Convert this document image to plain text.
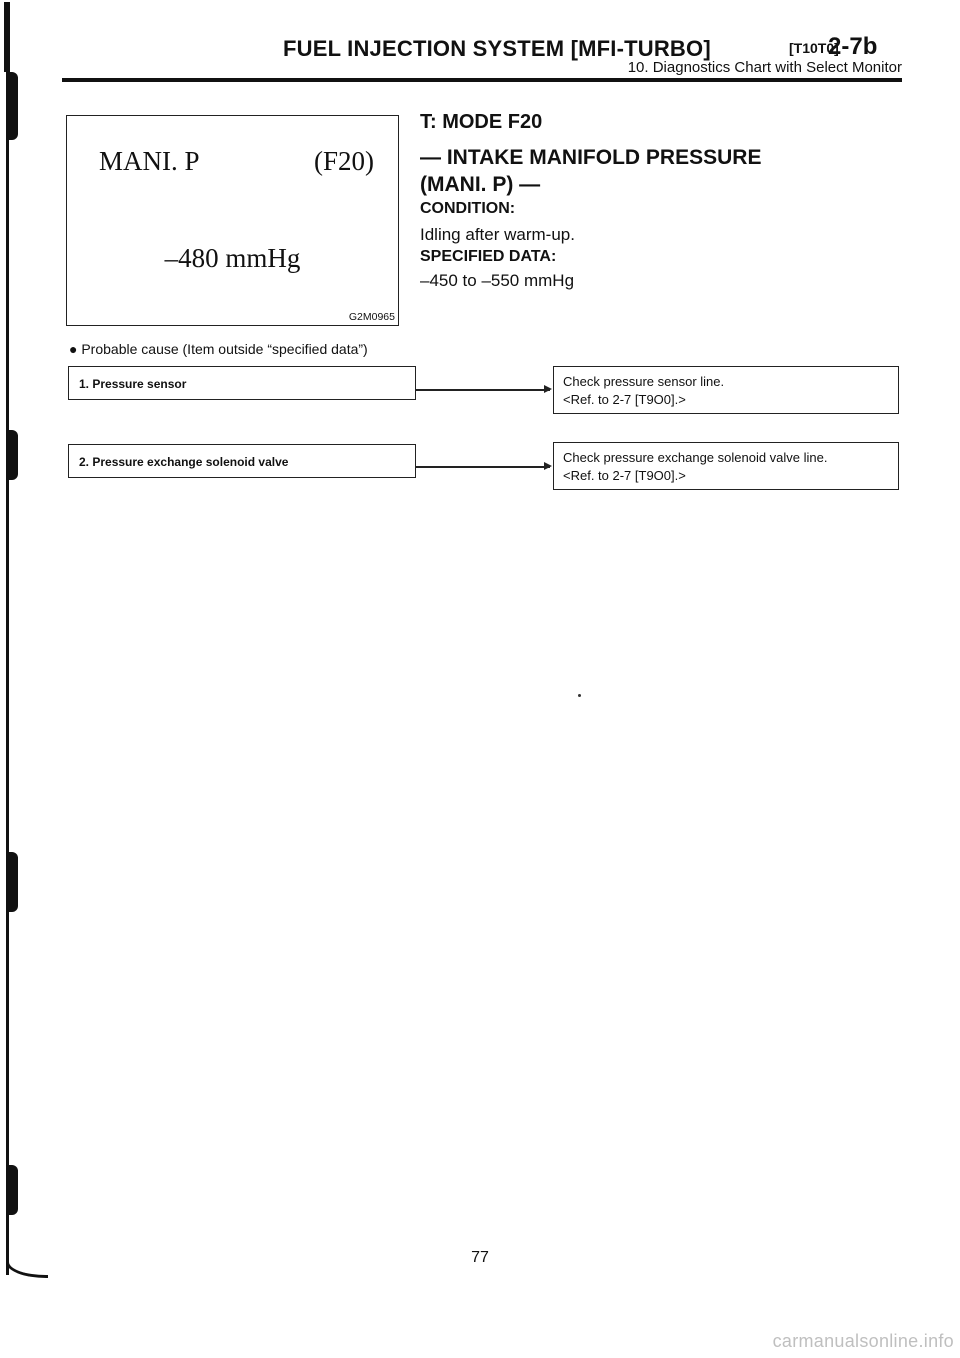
FUEL INJECTION SYSTEM [MFI-TURBO]	[T10T0]
2-7b
10. Diagnostics Chart with Select Monitor
MANI. P	(F20)
–480 mmHg
G2M0965
T: MODE F20
— INTAKE MANIFOLD PRESSURE (MANI. P) —
CONDITION:
Idling after warm-up.
SPECIFIED DATA:
–450 to –550 mmHg
● Probable cause (Item outside “specified data”)
1. Pressure sensor	Check pressure sensor line.
<Ref. to 2-7 [T9O0].>
2. Pressure exchange solenoid valve	Check pressure exchange solenoid valve line.
<Ref. to 2-7 [T9O0].>
77
carmanualsonline.info
